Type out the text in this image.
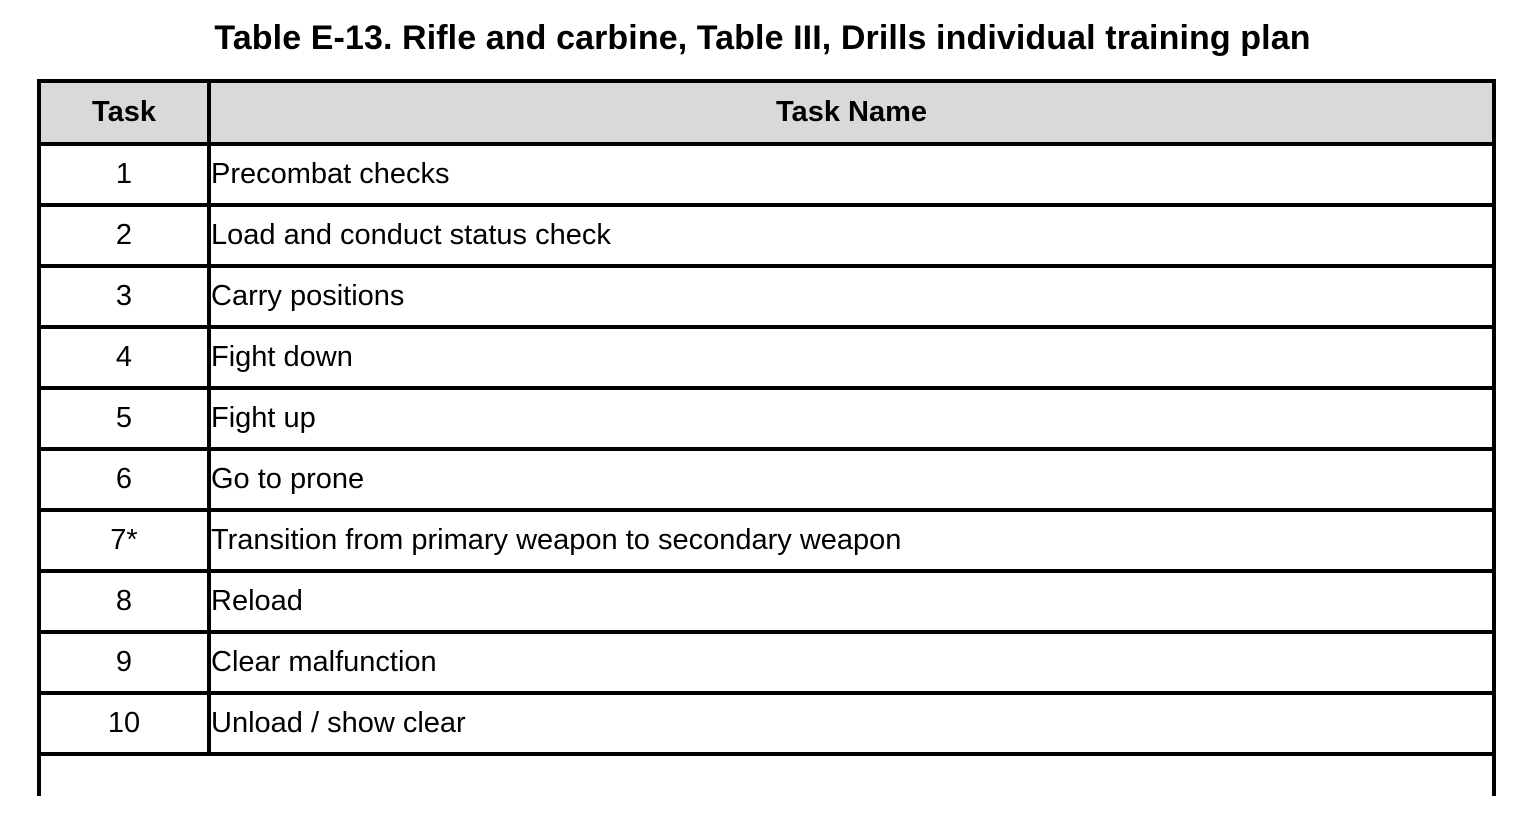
Table E-13. Rifle and carbine, Table III, Drills individual training plan
Task	Task Name
1	Precombat checks
2	Load and conduct status check
3	Carry positions
4	Fight down
5	Fight up
6	Go to prone
7*	Transition from primary weapon to secondary weapon
8	Reload
9	Clear malfunction
10	Unload / show clear
